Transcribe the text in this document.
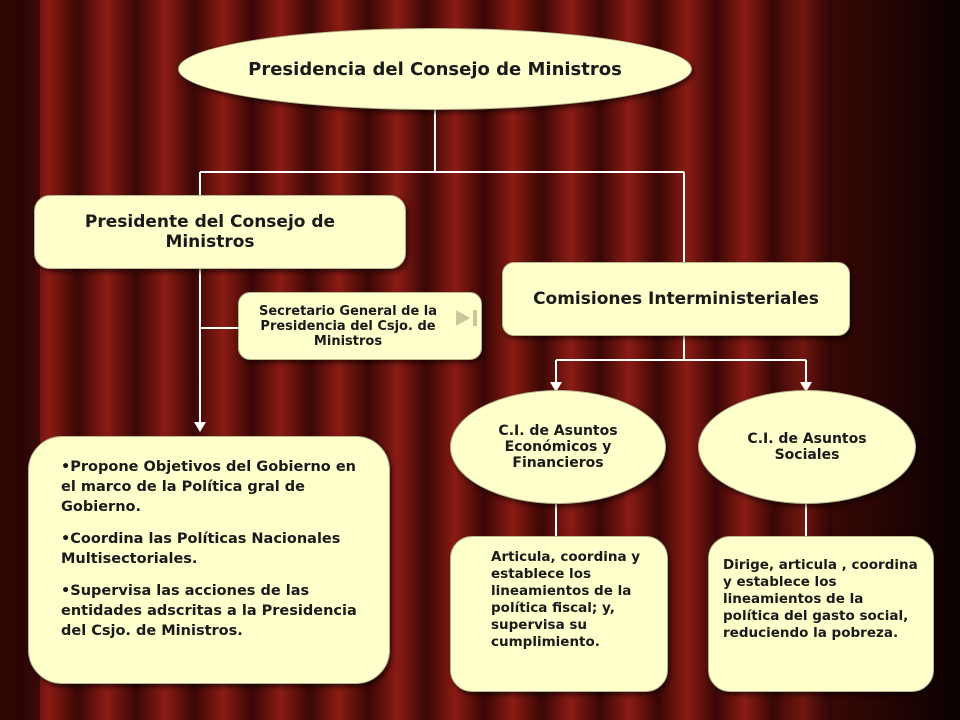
Presidencia del Consejo de Ministros
Presidente del Consejo de Ministros
Secretario General de la Presidencia del Csjo. de Ministros
Comisiones Interministeriales
C.I. de Asuntos Económicos y Financieros
C.I. de Asuntos Sociales
•Propone Objetivos del Gobierno en el marco de la Política gral de Gobierno.
•Coordina las Políticas Nacionales Multisectoriales.
•Supervisa las acciones de las entidades adscritas a la Presidencia del Csjo. de Ministros.
Articula, coordina y establece los lineamientos de la política fiscal; y, supervisa su cumplimiento.
Dirige, articula , coordina y establece los lineamientos de la política del gasto social, reduciendo la pobreza.
